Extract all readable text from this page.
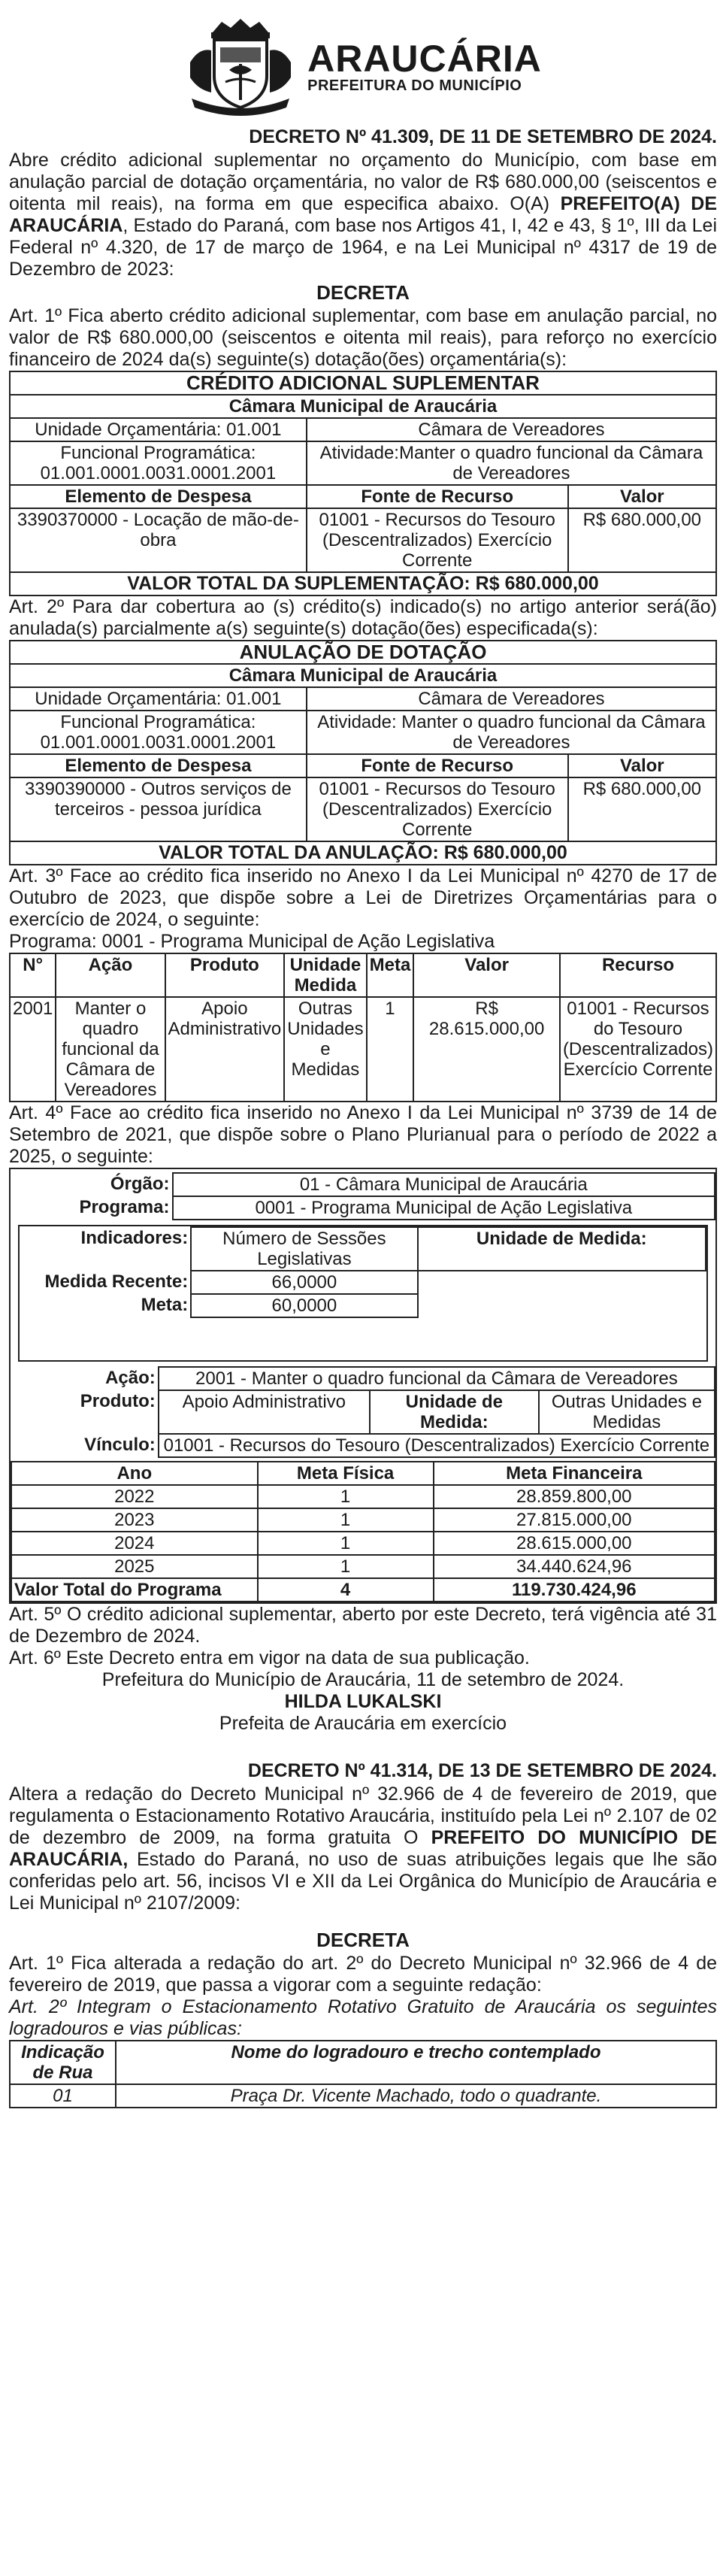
ARAUCÁRIA
PREFEITURA DO MUNICÍPIO
DECRETO Nº 41.309, DE 11 DE SETEMBRO DE 2024.

Abre crédito adicional suplementar no orçamento do Município, com base em anulação parcial de dotação orçamentária, no valor de R$ 680.000,00 (seiscentos e oitenta mil reais), na forma em que especifica abaixo. O(A) PREFEITO(A) DE ARAUCÁRIA, Estado do Paraná, com base nos Artigos 41, I, 42 e 43, § 1º, III da Lei Federal nº 4.320, de 17 de março de 1964, e na Lei Municipal nº 4317 de 19 de Dezembro de 2023:

DECRETA

Art. 1º Fica aberto crédito adicional suplementar, com base em anulação parcial, no valor de R$ 680.000,00 (seiscentos e oitenta mil reais), para reforço no exercício financeiro de 2024 da(s) seguinte(s) dotação(ões) orçamentária(s):

CRÉDITO ADICIONAL SUPLEMENTAR		
Câmara Municipal de Araucária		
Unidade Orçamentária: 01.001	Câmara de Vereadores	
Funcional Programática:
01.001.0001.0031.0001.2001	Atividade:Manter o quadro funcional da Câmara de Vereadores	
Elemento de Despesa	Fonte de Recurso	Valor
3390370000 - Locação de mão-de-obra	01001 - Recursos do Tesouro (Descentralizados) Exercício Corrente	R$ 680.000,00
VALOR TOTAL DA SUPLEMENTAÇÃO: R$ 680.000,00		

Art. 2º Para dar cobertura ao (s) crédito(s) indicado(s) no artigo anterior será(ão) anulada(s) parcialmente a(s) seguinte(s) dotação(ões) especificada(s):

ANULAÇÃO DE DOTAÇÃO		
Câmara Municipal de Araucária		
Unidade Orçamentária: 01.001	Câmara de Vereadores	
Funcional Programática:
01.001.0001.0031.0001.2001	Atividade: Manter o quadro funcional da Câmara de Vereadores	
Elemento de Despesa	Fonte de Recurso	Valor
3390390000 - Outros serviços de terceiros - pessoa jurídica	01001 - Recursos do Tesouro (Descentralizados) Exercício Corrente	R$ 680.000,00
VALOR TOTAL DA ANULAÇÃO: R$ 680.000,00		

Art. 3º Face ao crédito fica inserido no Anexo I da Lei Municipal nº 4270 de 17 de Outubro de 2023, que dispõe sobre a Lei de Diretrizes Orçamentárias para o exercício de 2024, o seguinte:

Programa: 0001 - Programa Municipal de Ação Legislativa

N°	Ação	Produto	Unidade Medida	Meta	Valor	Recurso
2001	Manter o quadro funcional da Câmara de Vereadores	Apoio Administrativo	Outras Unidades e Medidas	1	R$ 28.615.000,00	01001 - Recursos do Tesouro (Descentralizados) Exercício Corrente

Art. 4º Face ao crédito fica inserido no Anexo I da Lei Municipal nº 3739 de 14 de Setembro de 2021, que dispõe sobre o Plano Plurianual para o período de 2022 a 2025, o seguinte:

Órgão:	01 - Câmara Municipal de Araucária
Programa:	0001 - Programa Municipal de Ação Legislativa
Indicadores:	Número de Sessões Legislativas	Unidade de Medida:
Medida Recente:	66,0000	
Meta:	60,0000	
Ação:	2001 - Manter o quadro funcional da Câmara de Vereadores		
Produto:	Apoio Administrativo	Unidade de Medida:	Outras Unidades e Medidas
Vínculo:	01001 - Recursos do Tesouro (Descentralizados) Exercício Corrente		
Ano	Meta Física	Meta Financeira
2022	1	28.859.800,00
2023	1	27.815.000,00
2024	1	28.615.000,00
2025	1	34.440.624,96
Valor Total do Programa	4	119.730.424,96

Art. 5º O crédito adicional suplementar, aberto por este Decreto, terá vigência até 31 de Dezembro de 2024.

Art. 6º Este Decreto entra em vigor na data de sua publicação.

Prefeitura do Município de Araucária, 11 de setembro de 2024.
HILDA LUKALSKI
Prefeita de Araucária em exercício
DECRETO Nº 41.314, DE 13 DE SETEMBRO DE 2024.

Altera a redação do Decreto Municipal nº 32.966 de 4 de fevereiro de 2019, que regulamenta o Estacionamento Rotativo Araucária, instituído pela Lei nº 2.107 de 02 de dezembro de 2009, na forma gratuita O PREFEITO DO MUNICÍPIO DE ARAUCÁRIA, Estado do Paraná, no uso de suas atribuições legais que lhe são conferidas pelo art. 56, incisos VI e XII da Lei Orgânica do Município de Araucária e Lei Municipal nº 2107/2009:

DECRETA

Art. 1º Fica alterada a redação do art. 2º do Decreto Municipal nº 32.966 de 4 de fevereiro de 2019, que passa a vigorar com a seguinte redação:

Art. 2º Integram o Estacionamento Rotativo Gratuito de Araucária os seguintes logradouros e vias públicas:

Indicação de Rua	Nome do logradouro e trecho contemplado
01	Praça Dr. Vicente Machado, todo o quadrante.
